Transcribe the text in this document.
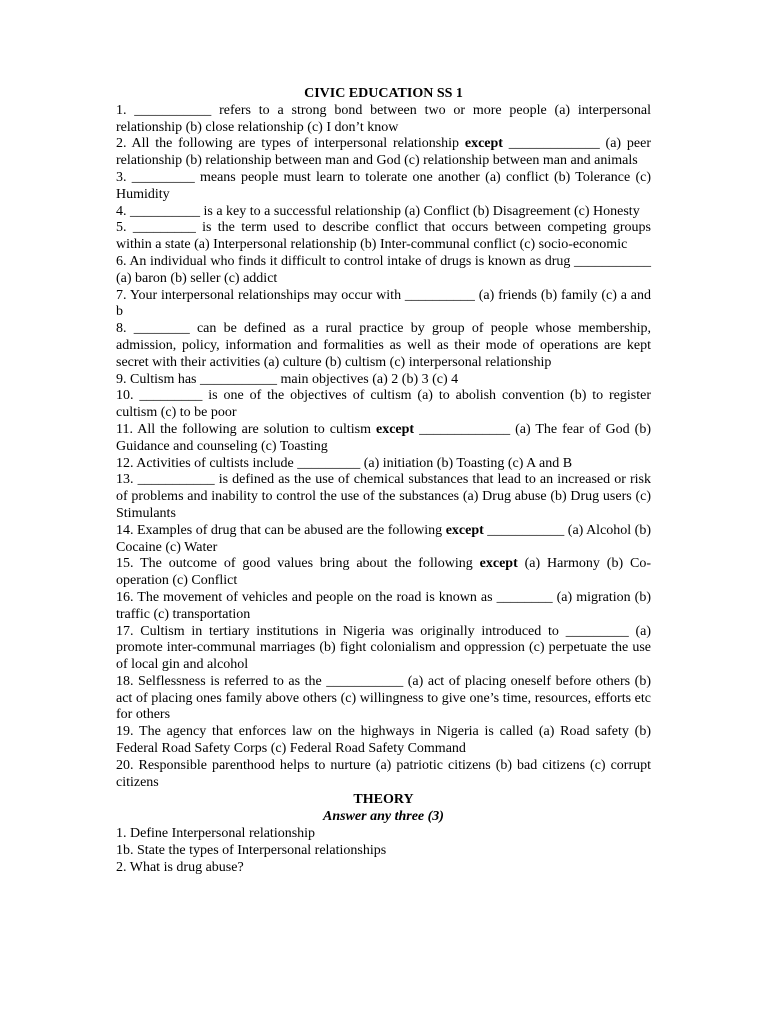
CIVIC EDUCATION SS 1
1. ___________ refers to a strong bond between two or more people (a) interpersonal relationship (b) close relationship (c) I don’t know
2. All the following are types of interpersonal relationship except _____________ (a) peer relationship (b) relationship between man and God (c) relationship between man and animals
3. _________ means people must learn to tolerate one another (a) conflict (b) Tolerance (c) Humidity
4. __________ is a key to a successful relationship (a) Conflict (b) Disagreement (c) Honesty
5. _________ is the term used to describe conflict that occurs between competing groups within a state (a) Interpersonal relationship (b) Inter-communal conflict (c) socio-economic
6. An individual who finds it difficult to control intake of drugs is known as drug ___________ (a) baron (b) seller (c) addict
7. Your interpersonal relationships may occur with __________ (a) friends (b) family (c) a and b
8. ________ can be defined as a rural practice by group of people whose membership, admission, policy, information and formalities as well as their mode of operations are kept secret with their activities (a) culture (b) cultism (c) interpersonal relationship
9. Cultism has ___________ main objectives (a) 2 (b) 3 (c) 4
10. _________ is one of the objectives of cultism (a) to abolish convention (b) to register cultism (c) to be poor
11. All the following are solution to cultism except _____________ (a) The fear of God (b) Guidance and counseling (c) Toasting
12. Activities of cultists include _________ (a) initiation (b) Toasting (c) A and B
13. ___________ is defined as the use of chemical substances that lead to an increased or risk of problems and inability to control the use of the substances (a) Drug abuse (b) Drug users (c) Stimulants
14. Examples of drug that can be abused are the following except ___________ (a) Alcohol (b) Cocaine (c) Water
15. The outcome of good values bring about the following except (a) Harmony (b) Co-operation (c) Conflict
16. The movement of vehicles and people on the road is known as ________ (a) migration (b) traffic (c) transportation
17. Cultism in tertiary institutions in Nigeria was originally introduced to _________ (a) promote inter-communal marriages (b) fight colonialism and oppression (c) perpetuate the use of local gin and alcohol
18. Selflessness is referred to as the ___________ (a) act of placing oneself before others (b) act of placing ones family above others (c) willingness to give one’s time, resources, efforts etc for others
19. The agency that enforces law on the highways in Nigeria is called (a) Road safety (b) Federal Road Safety Corps (c) Federal Road Safety Command
20. Responsible parenthood helps to nurture (a) patriotic citizens (b) bad citizens (c) corrupt citizens
THEORY
Answer any three (3)
1. Define Interpersonal relationship
1b. State the types of Interpersonal relationships
2. What is drug abuse?
